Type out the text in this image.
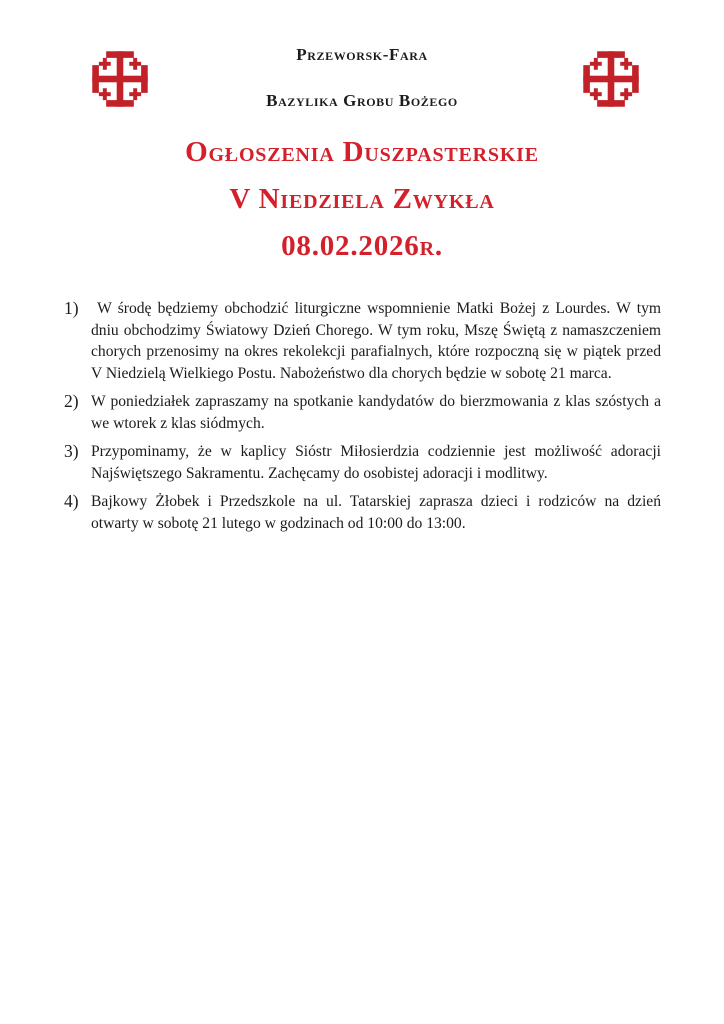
Przeworsk-Fara
Bazylika Grobu Bożego
Ogłoszenia Duszpasterskie
V Niedziela Zwykła
08.02.2026r.
1) W środę będziemy obchodzić liturgiczne wspomnienie Matki Bożej z Lourdes. W tym dniu obchodzimy Światowy Dzień Chorego. W tym roku, Mszę Świętą z namaszczeniem chorych przenosimy na okres rekolekcji parafialnych, które rozpoczną się w piątek przed V Niedzielą Wielkiego Postu. Nabożeństwo dla chorych będzie w sobotę 21 marca.
2) W poniedziałek zapraszamy na spotkanie kandydatów do bierzmowania z klas szóstych a we wtorek z klas siódmych.
3) Przypominamy, że w kaplicy Sióstr Miłosierdzia codziennie jest możliwość adoracji Najświętszego Sakramentu. Zachęcamy do osobistej adoracji i modlitwy.
4) Bajkowy Żłobek i Przedszkole na ul. Tatarskiej zaprasza dzieci i rodziców na dzień otwarty w sobotę 21 lutego w godzinach od 10:00 do 13:00.
